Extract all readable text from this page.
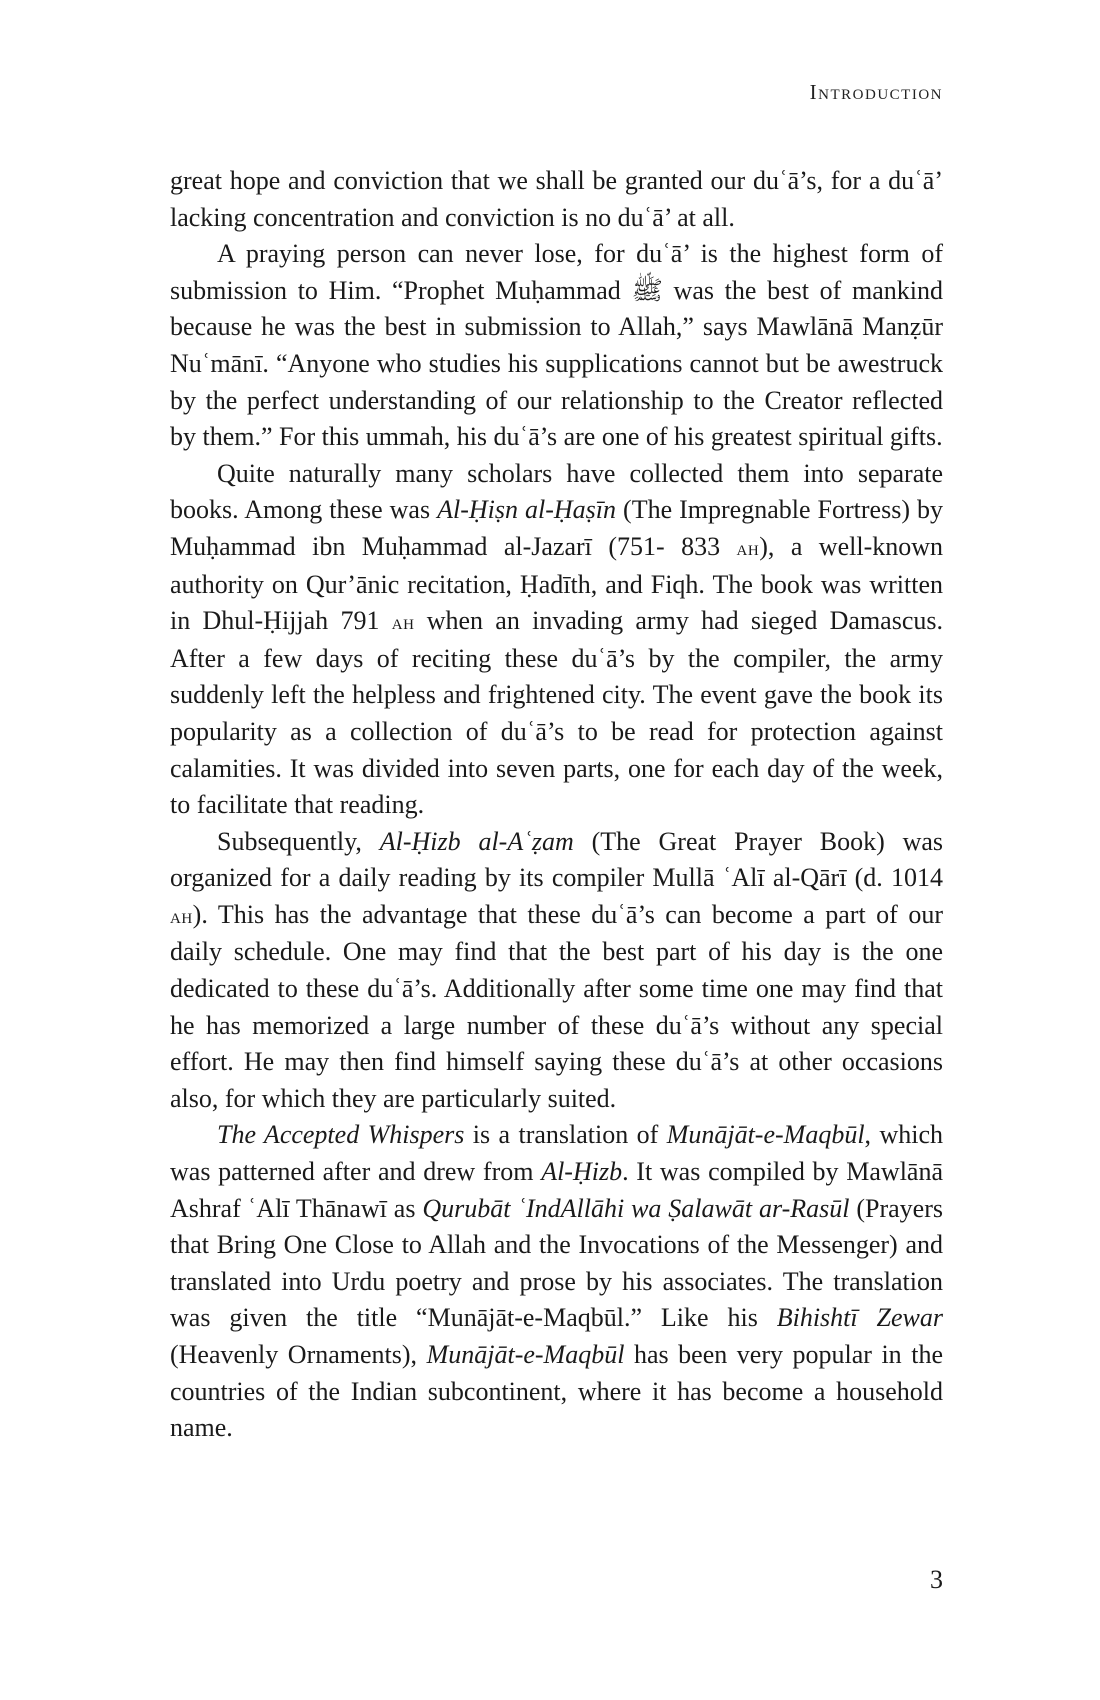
Introduction

great hope and conviction that we shall be granted our duʿā’s, for a duʿā’ lacking concentration and conviction is no duʿā’ at all.

A praying person can never lose, for duʿā’ is the highest form of submission to Him. “Prophet Muḥammad ﷺ was the best of mankind because he was the best in submission to Allah,” says Mawlānā Manẓūr Nuʿmānī. “Anyone who studies his supplications cannot but be awestruck by the perfect understanding of our relationship to the Creator reflected by them.” For this ummah, his duʿā’s are one of his greatest spiritual gifts.

Quite naturally many scholars have collected them into separate books. Among these was Al-Ḥiṣn al-Ḥaṣīn (The Impregnable Fortress) by Muḥammad ibn Muḥammad al-Jazarī (751- 833 ah), a well-known authority on Qur’ānic recitation, Ḥadīth, and Fiqh. The book was written in Dhul-Ḥijjah 791 ah when an invading army had sieged Damascus. After a few days of reciting these duʿā’s by the compiler, the army suddenly left the helpless and frightened city. The event gave the book its popularity as a collection of duʿā’s to be read for protection against calamities. It was divided into seven parts, one for each day of the week, to facilitate that reading.

Subsequently, Al-Ḥizb al-Aʿẓam (The Great Prayer Book) was organized for a daily reading by its compiler Mullā ʿAlī al-Qārī (d. 1014 ah). This has the advantage that these duʿā’s can become a part of our daily schedule. One may find that the best part of his day is the one dedicated to these duʿā’s. Additionally after some time one may find that he has memorized a large number of these duʿā’s without any special effort. He may then find himself saying these duʿā’s at other occasions also, for which they are particularly suited.

The Accepted Whispers is a translation of Munājāt-e-Maqbūl, which was patterned after and drew from Al-Ḥizb. It was compiled by Mawlānā Ashraf ʿAlī Thānawī as Qurubāt ʿIndAllāhi wa Ṣalawāt ar-Rasūl (Prayers that Bring One Close to Allah and the Invocations of the Messenger) and translated into Urdu poetry and prose by his associates. The translation was given the title “Munājāt-e-Maqbūl.” Like his Bihishtī Zewar (Heavenly Ornaments), Munājāt-e-Maqbūl has been very popular in the countries of the Indian subcontinent, where it has become a household name.

3
